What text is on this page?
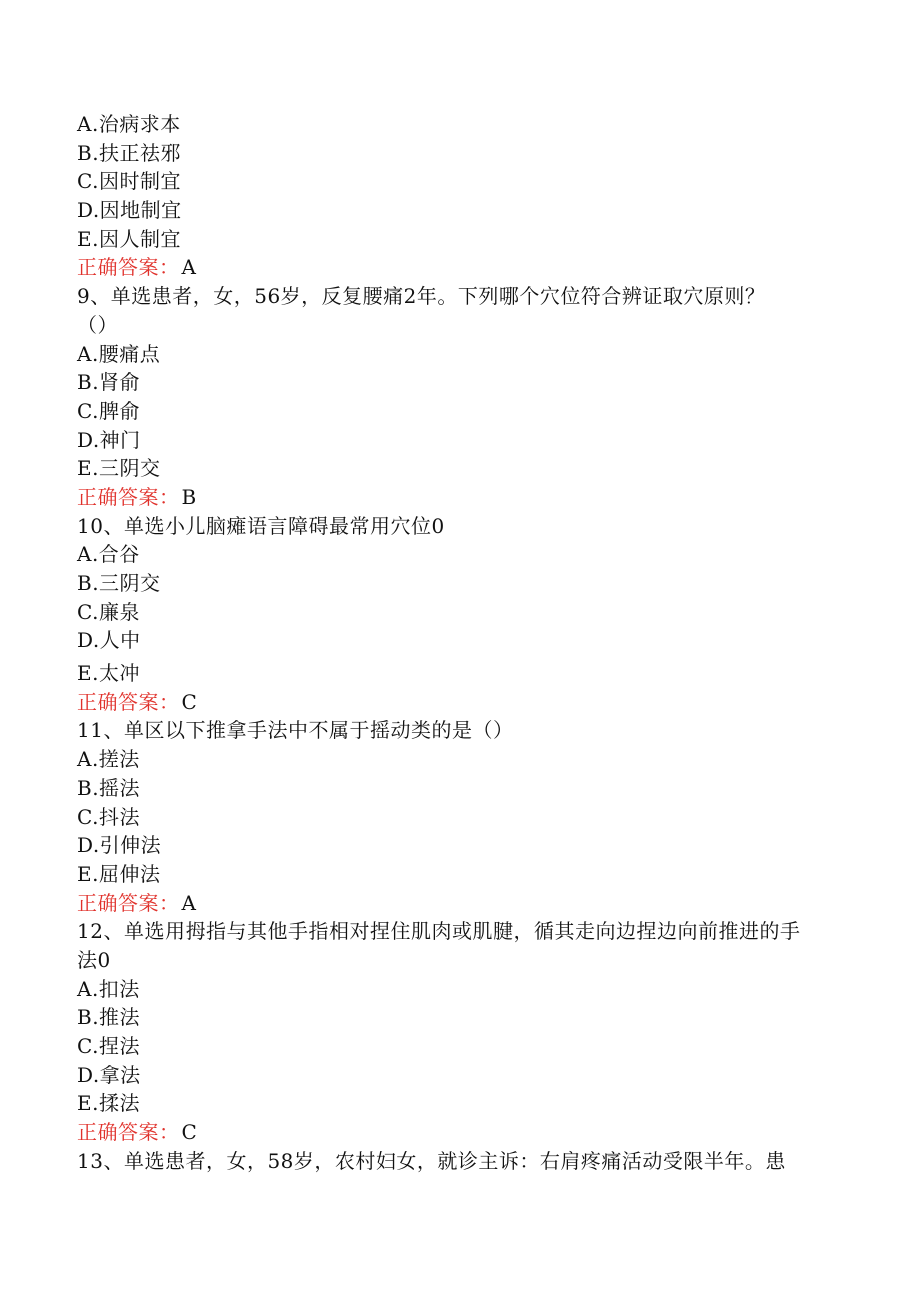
A.治病求本
B.扶正祛邪
C.因时制宜
D.因地制宜
E.因人制宜
正确答案： A
9、单选患者，女，56岁，反复腰痛2年。下列哪个穴位符合辨证取穴原则？
（）
A.腰痛点
B.肾俞
C.脾俞
D.神门
E.三阴交
正确答案： B
10、单选小儿脑瘫语言障碍最常用穴位0
A.合谷
B.三阴交
C.廉泉
D.人中
E.太冲
正确答案： C
11、单区以下推拿手法中不属于摇动类的是（）
A.搓法
B.摇法
C.抖法
D.引伸法
E.屈伸法
正确答案： A
12、单选用拇指与其他手指相对捏住肌肉或肌腱，循其走向边捏边向前推进的手
法0
A.扣法
B.推法
C.捏法
D.拿法
E.揉法
正确答案： C
13、单选患者，女，58岁，农村妇女，就诊主诉：右肩疼痛活动受限半年。患
